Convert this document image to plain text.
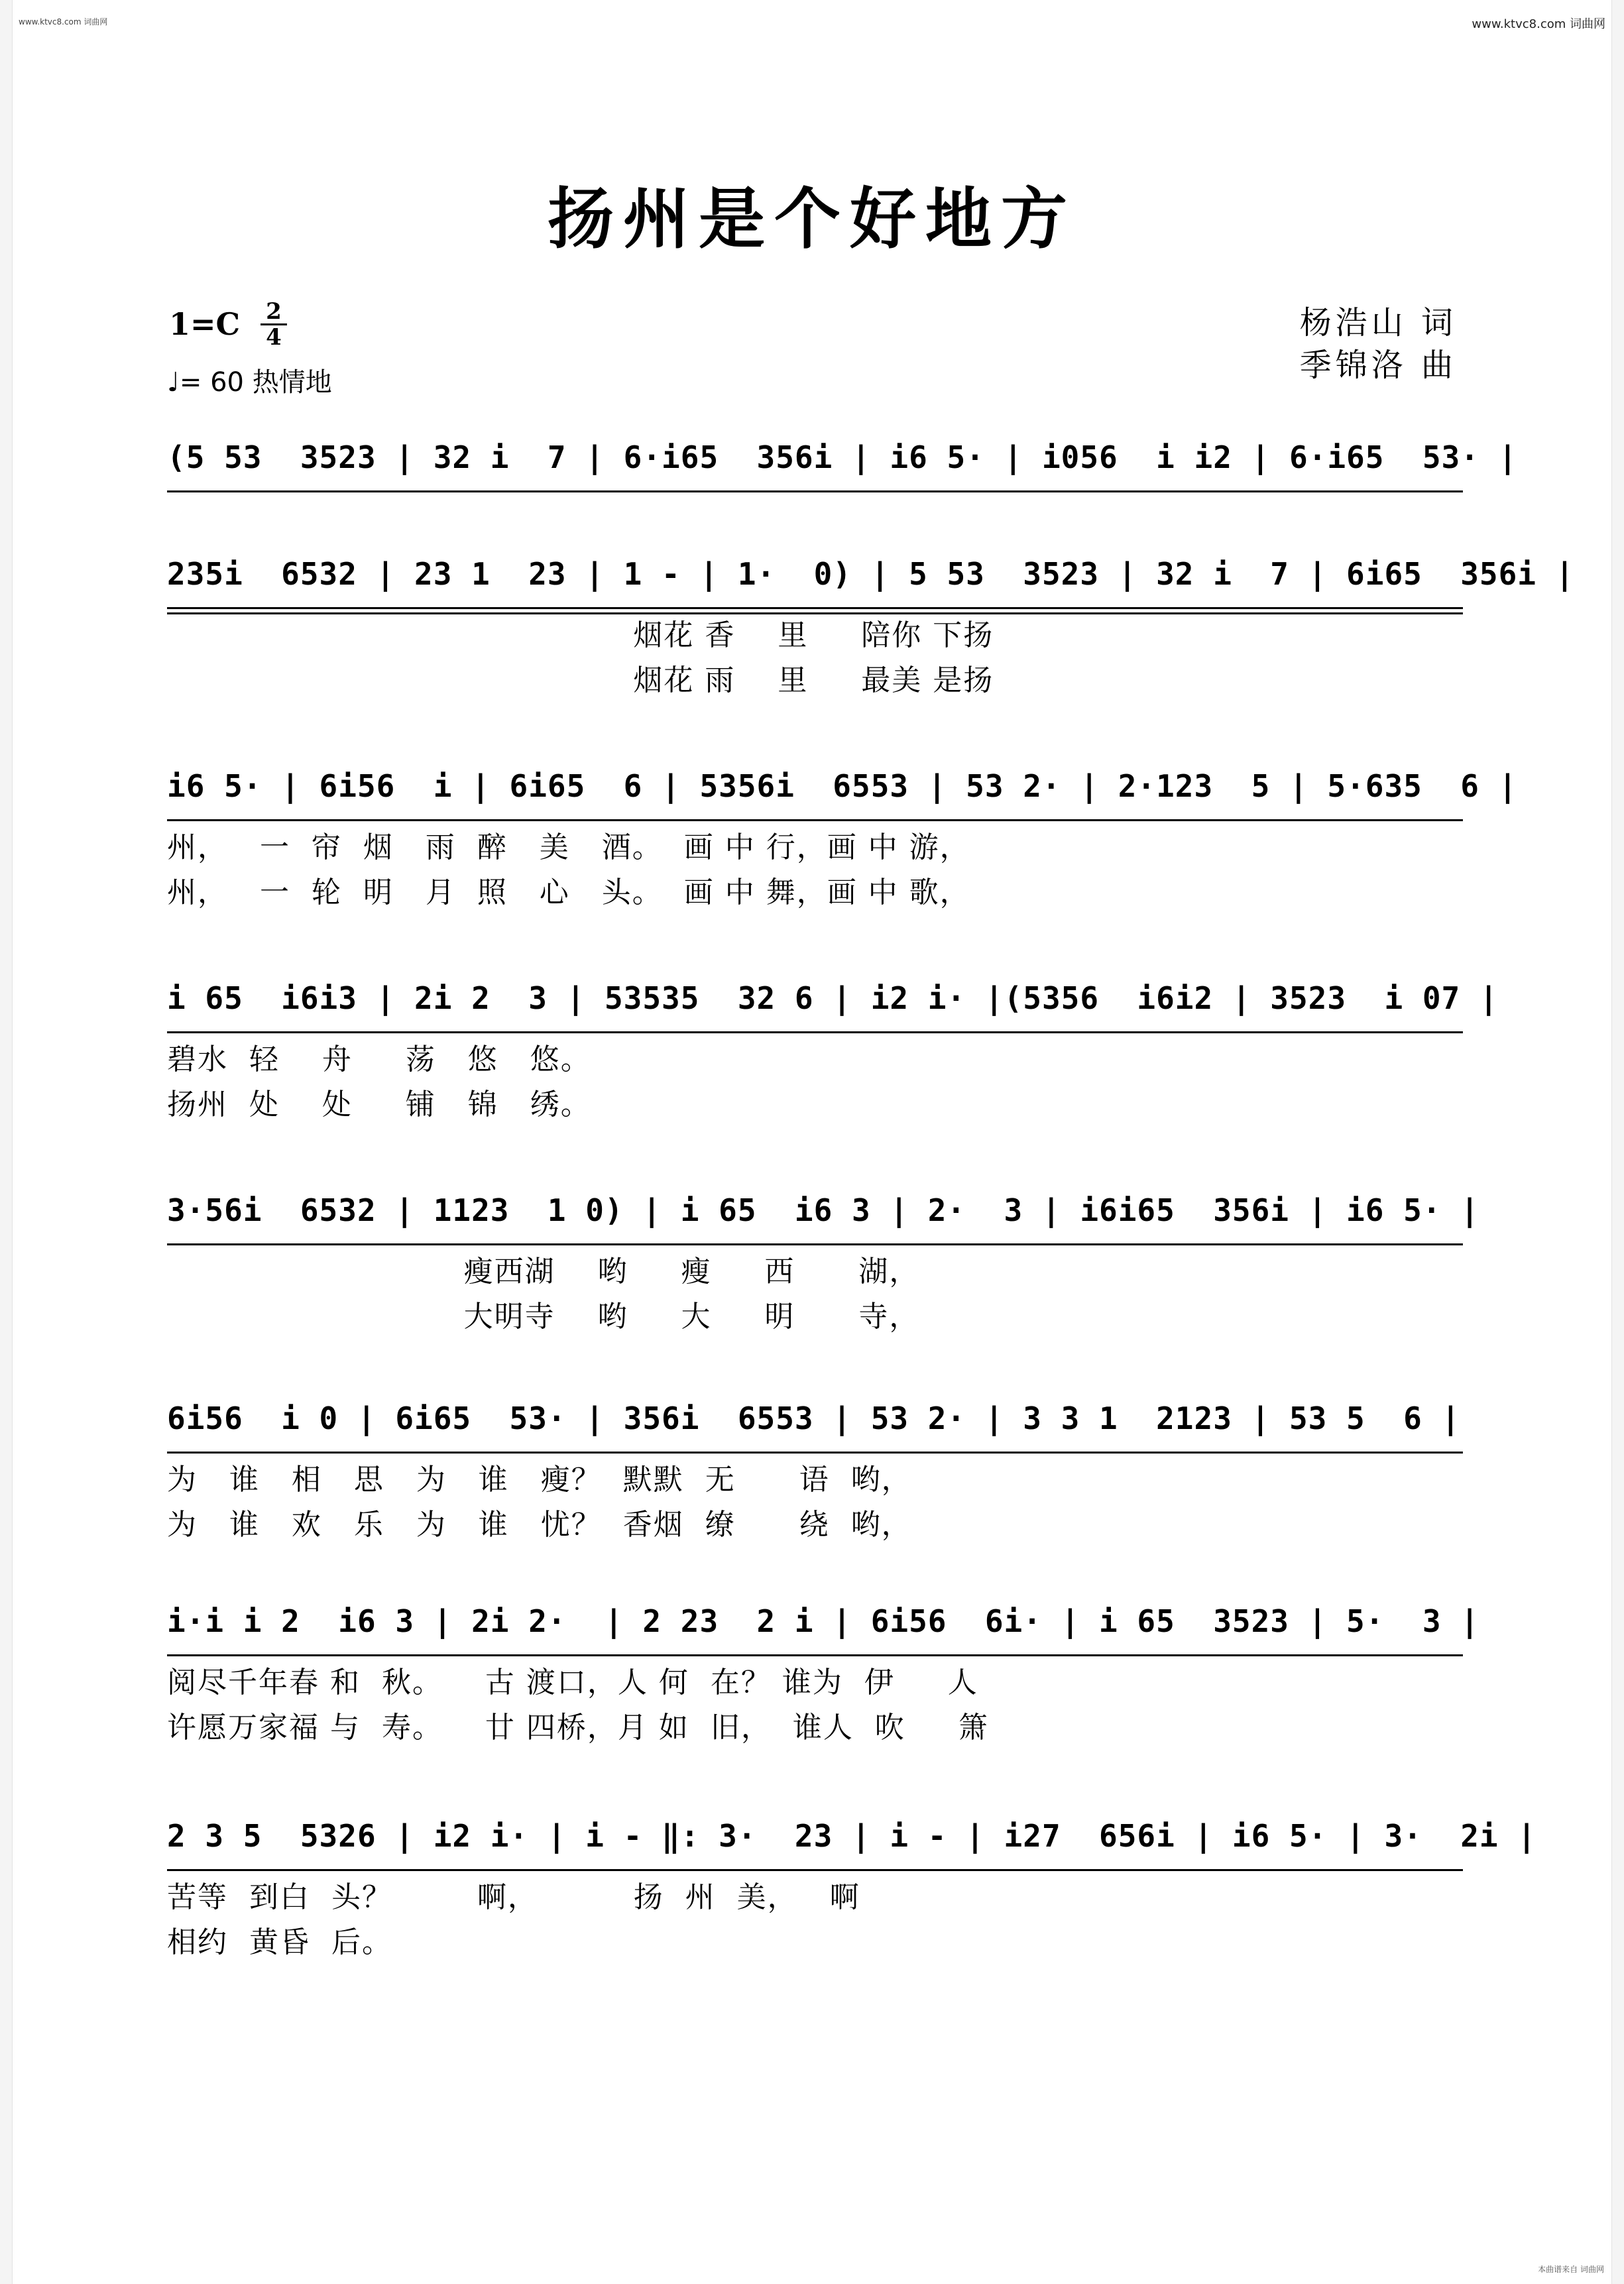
www.ktvc8.com 词曲网	www.ktvc8.com 词曲网
扬州是个好地方
$1=C \frac{2}{4}$
♩= 60 热情地
杨浩山 词
季锦洛 曲
(5 53  3523 | 32 i  7 | 6·i65  356i | i6 5· | i056  i i2 | 6·i65  53· |
235i  6532 | 23 1  23 | 1 - | 1·  0) | 5 53  3523 | 32 i  7 | 6i65  356i |
烟花 香    里     陪你 下扬
烟花 雨    里     最美 是扬
i6 5· | 6i56  i | 6i65  6 | 5356i  6553 | 53 2· | 2·123  5 | 5·635  6 |
州，   一  帘  烟   雨  醉   美   酒。  画 中 行，画 中 游，
州，   一  轮  明   月  照   心   头。  画 中 舞，画 中 歌，
i 65  i6i3 | 2i 2  3 | 53535  32 6 | i2 i· |(5356  i6i2 | 3523  i 07 |
碧水  轻    舟     荡   悠   悠。
扬州  处    处     铺   锦   绣。
3·56i  6532 | 1123  1 0) | i 65  i6 3 | 2·  3 | i6i65  356i | i6 5· |
瘦西湖    哟     瘦     西      湖，
大明寺    哟     大     明      寺，
6i56  i 0 | 6i65  53· | 356i  6553 | 53 2· | 3 3 1  2123 | 53 5  6 |
为   谁   相   思   为   谁   瘦？  默默  无      语  哟，
为   谁   欢   乐   为   谁   忧？  香烟  缭      绕  哟，
i·i i 2  i6 3 | 2i 2·  | 2 23  2 i | 6i56  6i· | i 65  3523 | 5·  3 |
阅尽千年春 和  秋。    古 渡口，人 何  在？ 谁为  伊     人
许愿万家福 与  寿。    廿 四桥，月 如  旧，  谁人  吹     箫
2 3 5  5326 | i2 i· | i - ‖: 3·  23 | i - | i27  656i | i6 5· | 3·  2i |
苦等  到白  头？        啊，         扬  州  美，   啊
相约  黄昏  后。
本曲谱来自 词曲网
